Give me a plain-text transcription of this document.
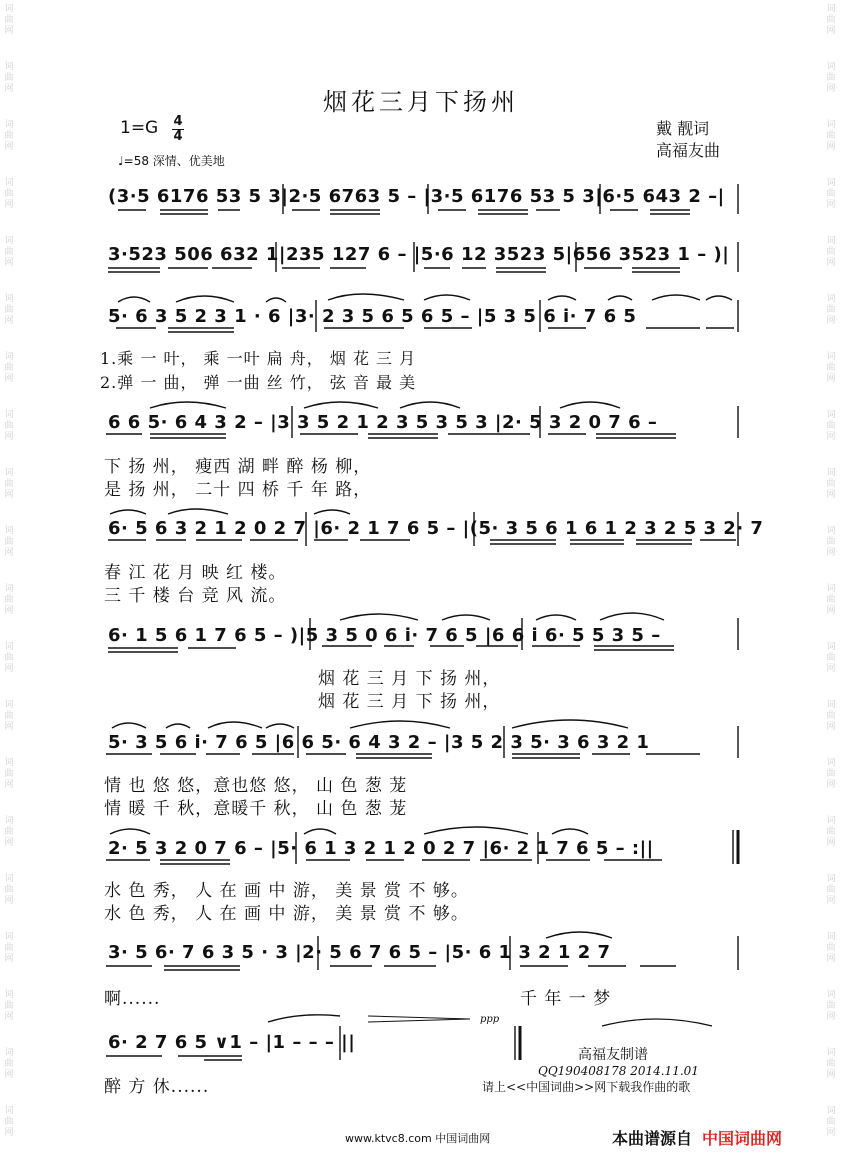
词
曲
网
词
曲
网
词
曲
网
词
曲
网
词
曲
网
词
曲
网
词
曲
网
词
曲
网
词
曲
网
词
曲
网
词
曲
网
词
曲
网
词
曲
网
词
曲
网
词
曲
网
词
曲
网
词
曲
网
词
曲
网
词
曲
网
词
曲
网
词
曲
网
词
曲
网
词
曲
网
词
曲
网
词
曲
网
词
曲
网
词
曲
网
词
曲
网
词
曲
网
词
曲
网
词
曲
网
词
曲
网
词
曲
网
词
曲
网
词
曲
网
词
曲
网
词
曲
网
词
曲
网
词
曲
网
词
曲
网
烟花三月下扬州
1=G 4
4
♩=58 深情、优美地
戴 靓词
高福友曲
(3·5 6176 53 5 3|2·5 6763 5 – |3·5 6176 53 5 3|6·5 643 2 –|
3·523 506 632 1|235 127 6 – |5·6 12 3523 5|656 3523 1 – )|
5· 6 3 5 2 3 1 · 6 |3· 2 3 5 6 5 6 5 – |5 3 5 6 i· 7 6 5
1.乘 一 叶， 乘 一叶 扁 舟， 烟 花 三 月
2.弹 一 曲， 弹 一曲 丝 竹， 弦 音 最 美
6 6 5· 6 4 3 2 – |3 3 5 2 1 2 3 5 3 5 3 |2· 5 3 2 0 7 6 –
下 扬 州， 瘦西 湖 畔 醉 杨 柳，
是 扬 州， 二十 四 桥 千 年 路，
6· 5 6 3 2 1 2 0 2 7 |6· 2 1 7 6 5 – |(5· 3 5 6 1 6 1 2 3 2 5 3 2· 7
春 江 花 月 映 红 楼。
三 千 楼 台 竞 风 流。
6· 1 5 6 1 7 6 5 – )|5 3 5 0 6 i· 7 6 5 |6 6 i 6· 5 5 3 5 –
烟 花 三 月 下 扬 州，
烟 花 三 月 下 扬 州，
5· 3 5 6 i· 7 6 5 |6 6 5· 6 4 3 2 – |3 5 2 3 5· 3 6 3 2 1
情 也 悠 悠，意也悠 悠， 山 色 葱 茏
情 暖 千 秋，意暖千 秋， 山 色 葱 茏
2· 5 3 2 0 7 6 – |5· 6 1 3 2 1 2 0 2 7 |6· 2 1 7 6 5 – :||
水 色 秀， 人 在 画 中 游， 美 景 赏 不 够。
水 色 秀， 人 在 画 中 游， 美 景 赏 不 够。
3· 5 6· 7 6 3 5 · 3 |2· 5 6 7 6 5 – |5· 6 1 3 2 1 2 7
啊......	千 年 一 梦
6· 2 7 6 5 ∨1 – |1 – – – ||
ppp
醉 方 休......
高福友制谱
QQ190408178 2014.11.01
请上<<中国词曲>>网下载我作曲的歌
www.ktvc8.com 中国词曲网	本曲谱源自 中国词曲网
